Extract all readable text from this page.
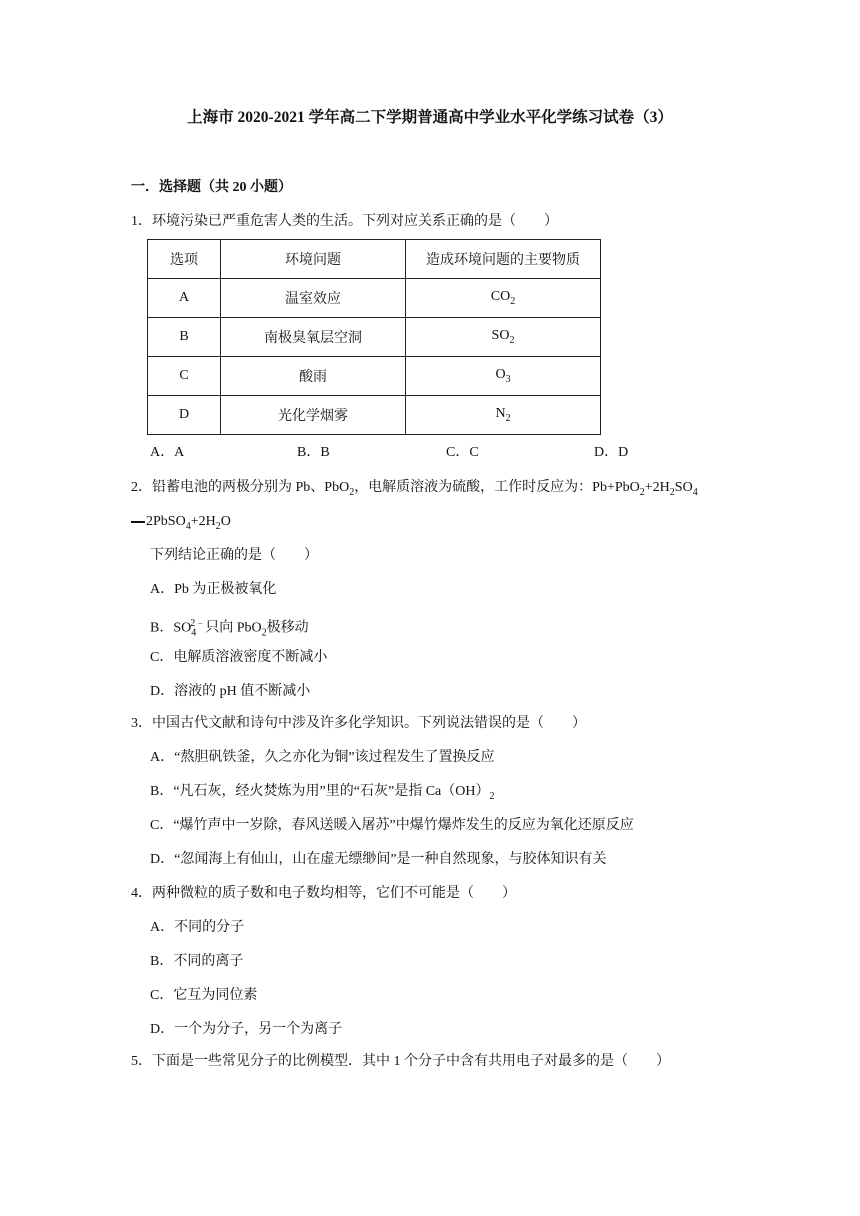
上海市 2020-2021 学年高二下学期普通高中学业水平化学练习试卷（3）
一．选择题（共 20 小题）
1．环境污染已严重危害人类的生活。下列对应关系正确的是（　　）
选项	环境问题	造成环境问题的主要物质
A	温室效应	$CO_2$
B	南极臭氧层空洞	$SO_2$
C	酸雨	$O_3$
D	光化学烟雾	$N_2$
A．A	B．B	C．C	D．D
2．铅蓄电池的两极分别为 Pb、PbO$_2$，电解质溶液为硫酸，工作时反应为：$Pb+PbO_2+2H_2SO_4$
$2PbSO_4+2H_2O$
下列结论正确的是（　　）
A．Pb 为正极被氧化
B．$SO_4^{2﹣}$只向 PbO$_2$极移动
C．电解质溶液密度不断减小
D．溶液的 pH 值不断减小
3．中国古代文献和诗句中涉及许多化学知识。下列说法错误的是（　　）
A．“熬胆矾铁釜，久之亦化为铜”该过程发生了置换反应
B．“凡石灰，经火焚炼为用”里的“石灰”是指 $Ca(OH)_2$
C．“爆竹声中一岁除，春风送暖入屠苏”中爆竹爆炸发生的反应为氧化还原反应
D．“忽闻海上有仙山，山在虚无缥缈间”是一种自然现象，与胶体知识有关
4．两种微粒的质子数和电子数均相等，它们不可能是（　　）
A．不同的分子
B．不同的离子
C．它互为同位素
D．一个为分子，另一个为离子
5．下面是一些常见分子的比例模型．其中 1 个分子中含有共用电子对最多的是（　　）
